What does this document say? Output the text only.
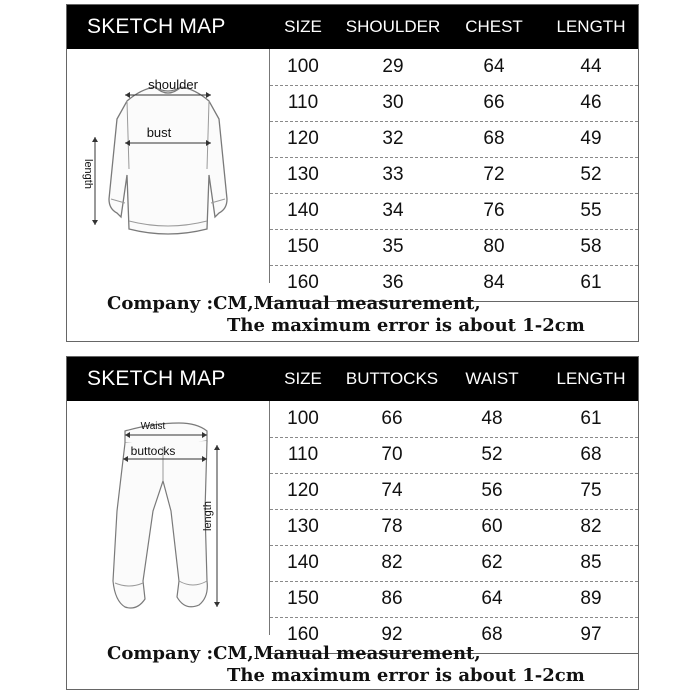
SKETCH MAP	SIZE SHOULDER CHEST LENGTH
shoulder
bust
length
100	29	64	44
110	30	66	46
120	32	68	49
130	33	72	52
140	34	76	55
150	35	80	58
160	36	84	61
Company :CM,Manual measurement,
The maximum error is about 1-2cm
SKETCH MAP	SIZE BUTTOCKS WAIST LENGTH
Waist
buttocks
length
100	66	48	61
110	70	52	68
120	74	56	75
130	78	60	82
140	82	62	85
150	86	64	89
160	92	68	97
Company :CM,Manual measurement,
The maximum error is about 1-2cm
